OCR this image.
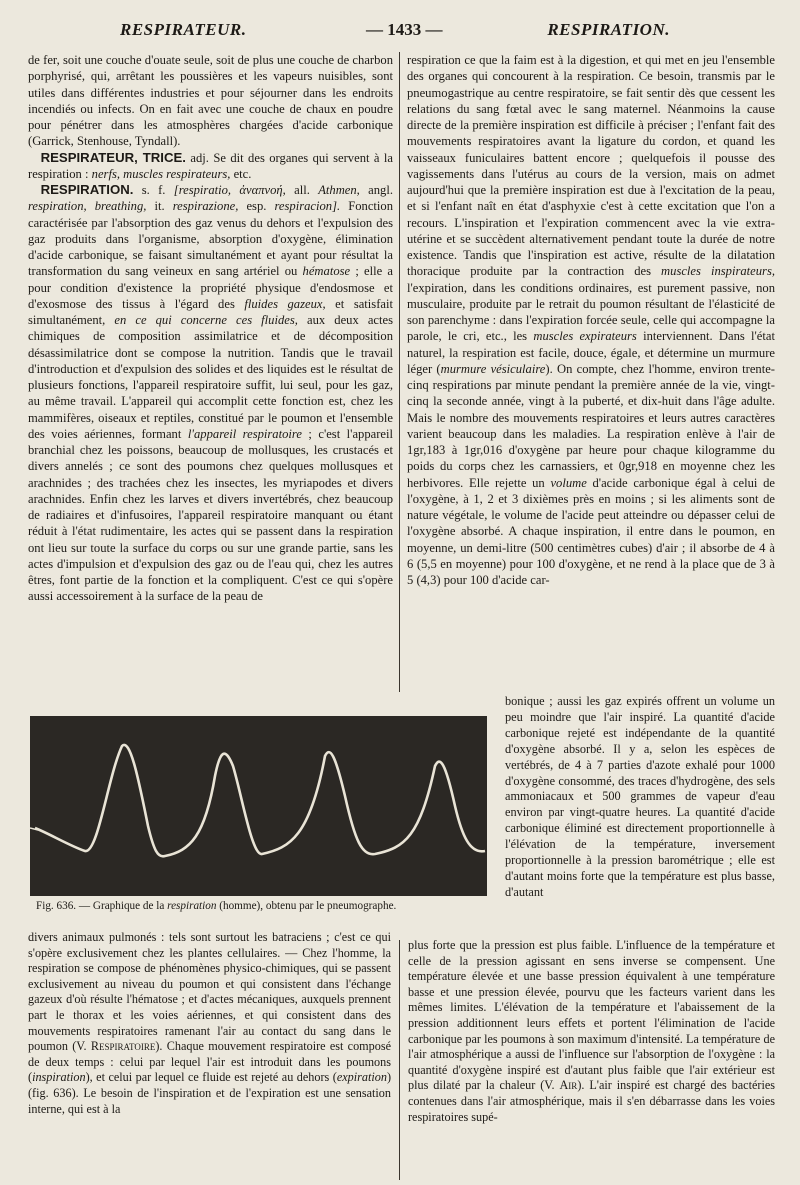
RESPIRATEUR.	— 1433 —	RESPIRATION.

de fer, soit une couche d'ouate seule, soit de plus une couche de charbon porphyrisé, qui, arrêtant les poussières et les vapeurs nuisibles, sont utiles dans différentes industries et pour séjourner dans les endroits incendiés ou infects. On en fait avec une couche de chaux en poudre pour pénétrer dans les atmosphères chargées d'acide carbonique (Garrick, Stenhouse, Tyndall).

 RESPIRATEUR, TRICE. adj. Se dit des organes qui servent à la respiration : nerfs, muscles respirateurs, etc.

 RESPIRATION. s. f. [respiratio, ἀναπνοή, all. Athmen, angl. respiration, breathing, it. respirazione, esp. respiracion]. Fonction caractérisée par l'absorption des gaz venus du dehors et l'expulsion des gaz produits dans l'organisme, absorption d'oxygène, élimination d'acide carbonique, se faisant simultanément et ayant pour résultat la transformation du sang veineux en sang artériel ou hématose ; elle a pour condition d'existence la propriété physique d'endosmose et d'exosmose des tissus à l'égard des fluides gazeux, et satisfait simultanément, en ce qui concerne ces fluides, aux deux actes chimiques de composition assimilatrice et de décomposition désassimilatrice dont se compose la nutrition. Tandis que le travail d'introduction et d'expulsion des solides et des liquides est le résultat de plusieurs fonctions, l'appareil respiratoire suffit, lui seul, pour les gaz, au même travail. L'appareil qui accomplit cette fonction est, chez les mammifères, oiseaux et reptiles, constitué par le poumon et l'ensemble des voies aériennes, formant l'appareil respiratoire ; c'est l'appareil branchial chez les poissons, beaucoup de mollusques, les crustacés et divers annelés ; ce sont des poumons chez quelques mollusques et arachnides ; des trachées chez les insectes, les myriapodes et divers arachnides. Enfin chez les larves et divers invertébrés, chez beaucoup de radiaires et d'infusoires, l'appareil respiratoire manquant ou étant réduit à l'état rudimentaire, les actes qui se passent dans la respiration ont lieu sur toute la surface du corps ou sur une grande partie, sans les actes d'impulsion et d'expulsion des gaz ou de l'eau qui, chez les autres êtres, font partie de la fonction et la compliquent. C'est ce qui s'opère aussi accessoirement à la surface de la peau de

respiration ce que la faim est à la digestion, et qui met en jeu l'ensemble des organes qui concourent à la respiration. Ce besoin, transmis par le pneumogastrique au centre respiratoire, se fait sentir dès que cessent les relations du sang fœtal avec le sang maternel. Néanmoins la cause directe de la première inspiration est difficile à préciser ; l'enfant fait des mouvements respiratoires avant la ligature du cordon, et quand les vaisseaux funiculaires battent encore ; quelquefois il pousse des vagissements dans l'utérus au cours de la version, mais on admet aujourd'hui que la première inspiration est due à l'excitation de la peau, et si l'enfant naît en état d'asphyxie c'est à cette excitation que l'on a recours. L'inspiration et l'expiration commencent avec la vie extra-utérine et se succèdent alternativement pendant toute la durée de notre existence. Tandis que l'inspiration est active, résulte de la dilatation thoracique produite par la contraction des muscles inspirateurs, l'expiration, dans les conditions ordinaires, est purement passive, non musculaire, produite par le retrait du poumon résultant de l'élasticité de son parenchyme : dans l'expiration forcée seule, celle qui accompagne la parole, le cri, etc., les muscles expirateurs interviennent. Dans l'état naturel, la respiration est facile, douce, égale, et détermine un murmure léger (murmure vésiculaire). On compte, chez l'homme, environ trente-cinq respirations par minute pendant la première année de la vie, vingt-cinq la seconde année, vingt à la puberté, et dix-huit dans l'âge adulte. Mais le nombre des mouvements respiratoires et leurs autres caractères varient beaucoup dans les maladies. La respiration enlève à l'air de 1gr,183 à 1gr,016 d'oxygène par heure pour chaque kilogramme du poids du corps chez les carnassiers, et 0gr,918 en moyenne chez les herbivores. Elle rejette un volume d'acide carbonique égal à celui de l'oxygène, à 1, 2 et 3 dixièmes près en moins ; si les aliments sont de nature végétale, le volume de l'acide peut atteindre ou dépasser celui de l'oxygène absorbé. A chaque inspiration, il entre dans le poumon, en moyenne, un demi-litre (500 centimètres cubes) d'air ; il absorbe de 4 à 6 (5,5 en moyenne) pour 100 d'oxygène, et ne rend à la place que de 3 à 5 (4,3) pour 100 d'acide car-

Fig. 636. — Graphique de la respiration (homme), obtenu par le pneumographe.

bonique ; aussi les gaz expirés offrent un volume un peu moindre que l'air inspiré. La quantité d'acide carbonique rejeté est indépendante de la quantité d'oxygène absorbé. Il y a, selon les espèces de vertébrés, de 4 à 7 parties d'azote exhalé pour 1000 d'oxygène consommé, des traces d'hydrogène, des sels ammoniacaux et 500 grammes de vapeur d'eau environ par vingt-quatre heures. La quantité d'acide carbonique éliminé est directement proportionnelle à l'élévation de la température, inversement proportionnelle à la pression barométrique ; elle est d'autant moins forte que la température est plus basse, d'autant

divers animaux pulmonés : tels sont surtout les batraciens ; c'est ce qui s'opère exclusivement chez les plantes cellulaires. — Chez l'homme, la respiration se compose de phénomènes physico-chimiques, qui se passent exclusivement au niveau du poumon et qui consistent dans l'échange gazeux d'où résulte l'hématose ; et d'actes mécaniques, auxquels prennent part le thorax et les voies aériennes, et qui consistent dans des mouvements respiratoires ramenant l'air au contact du sang dans le poumon (V. Respiratoire). Chaque mouvement respiratoire est composé de deux temps : celui par lequel l'air est introduit dans les poumons (inspiration), et celui par lequel ce fluide est rejeté au dehors (expiration) (fig. 636). Le besoin de l'inspiration et de l'expiration est une sensation interne, qui est à la

plus forte que la pression est plus faible. L'influence de la température et celle de la pression agissant en sens inverse se compensent. Une température élevée et une basse pression équivalent à une température basse et une pression élevée, pourvu que les facteurs varient dans les mêmes limites. L'élévation de la température et l'abaissement de la pression additionnent leurs effets et portent l'élimination de l'acide carbonique par les poumons à son maximum d'intensité. La température de l'air atmosphérique a aussi de l'influence sur l'absorption de l'oxygène : la quantité d'oxygène inspiré est d'autant plus faible que l'air extérieur est plus dilaté par la chaleur (V. Air). L'air inspiré est chargé des bactéries contenues dans l'air atmosphérique, mais il s'en débarrasse dans les voies respiratoires supé-
